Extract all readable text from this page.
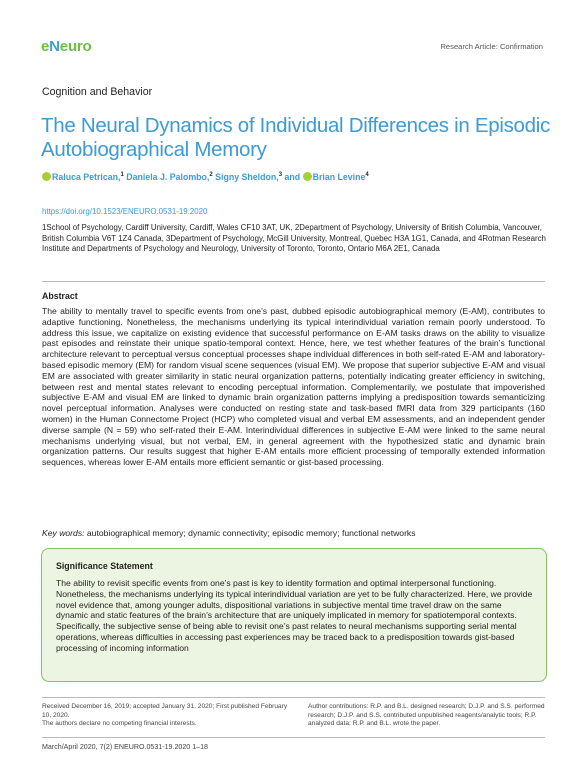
eNeuro	Research Article: Confirmation
Cognition and Behavior
The Neural Dynamics of Individual Differences in Episodic Autobiographical Memory
Raluca Petrican,$^1$ Daniela J. Palombo,$^2$ Signy Sheldon,$^3$ and Brian Levine$^4$
https://doi.org/10.1523/ENEURO.0531-19.2020

1School of Psychology, Cardiff University, Cardiff, Wales CF10 3AT, UK, 2Department of Psychology, University of British Columbia, Vancouver, British Columbia V6T 1Z4 Canada, 3Department of Psychology, McGill University, Montreal, Quebec H3A 1G1, Canada, and 4Rotman Research Institute and Departments of Psychology and Neurology, University of Toronto, Toronto, Ontario M6A 2E1, Canada

Abstract

The ability to mentally travel to specific events from one’s past, dubbed episodic autobiographical memory (E-AM), contributes to adaptive functioning. Nonetheless, the mechanisms underlying its typical interindividual variation remain poorly understood. To address this issue, we capitalize on existing evidence that successful performance on E-AM tasks draws on the ability to visualize past episodes and reinstate their unique spatio-temporal context. Hence, here, we test whether features of the brain’s functional architecture relevant to perceptual versus conceptual processes shape individual differences in both self-rated E-AM and laboratory-based episodic memory (EM) for random visual scene sequences (visual EM). We propose that superior subjective E-AM and visual EM are associated with greater similarity in static neural organization patterns, potentially indicating greater efficiency in switching, between rest and mental states relevant to encoding perceptual information. Complementarily, we postulate that impoverished subjective E-AM and visual EM are linked to dynamic brain organization patterns implying a predisposition towards semanticizing novel perceptual information. Analyses were conducted on resting state and task-based fMRI data from 329 participants (160 women) in the Human Connectome Project (HCP) who completed visual and verbal EM assessments, and an independent gender diverse sample (N = 59) who self-rated their E-AM. Interindividual differences in subjective E-AM were linked to the same neural mechanisms underlying visual, but not verbal, EM, in general agreement with the hypothesized static and dynamic brain organization patterns. Our results suggest that higher E-AM entails more efficient processing of temporally extended information sequences, whereas lower E-AM entails more efficient semantic or gist-based processing.

Key words: autobiographical memory; dynamic connectivity; episodic memory; functional networks
Significance Statement

The ability to revisit specific events from one’s past is key to identity formation and optimal interpersonal functioning. Nonetheless, the mechanisms underlying its typical interindividual variation are yet to be fully characterized. Here, we provide novel evidence that, among younger adults, dispositional variations in subjective mental time travel draw on the same dynamic and static features of the brain’s architecture that are uniquely implicated in memory for spatiotemporal contexts. Specifically, the subjective sense of being able to revisit one’s past relates to neural mechanisms supporting serial mental operations, whereas difficulties in accessing past experiences may be traced back to a predisposition towards gist-based processing of incoming information

Received December 16, 2019; accepted January 31, 2020; First published February 10, 2020.

The authors declare no competing financial interests.

Author contributions: R.P. and B.L. designed research; D.J.P. and S.S. performed research; D.J.P. and S.S. contributed unpublished reagents/analytic tools; R.P. analyzed data; R.P. and B.L. wrote the paper.

March/April 2020, 7(2) ENEURO.0531-19.2020 1–18
